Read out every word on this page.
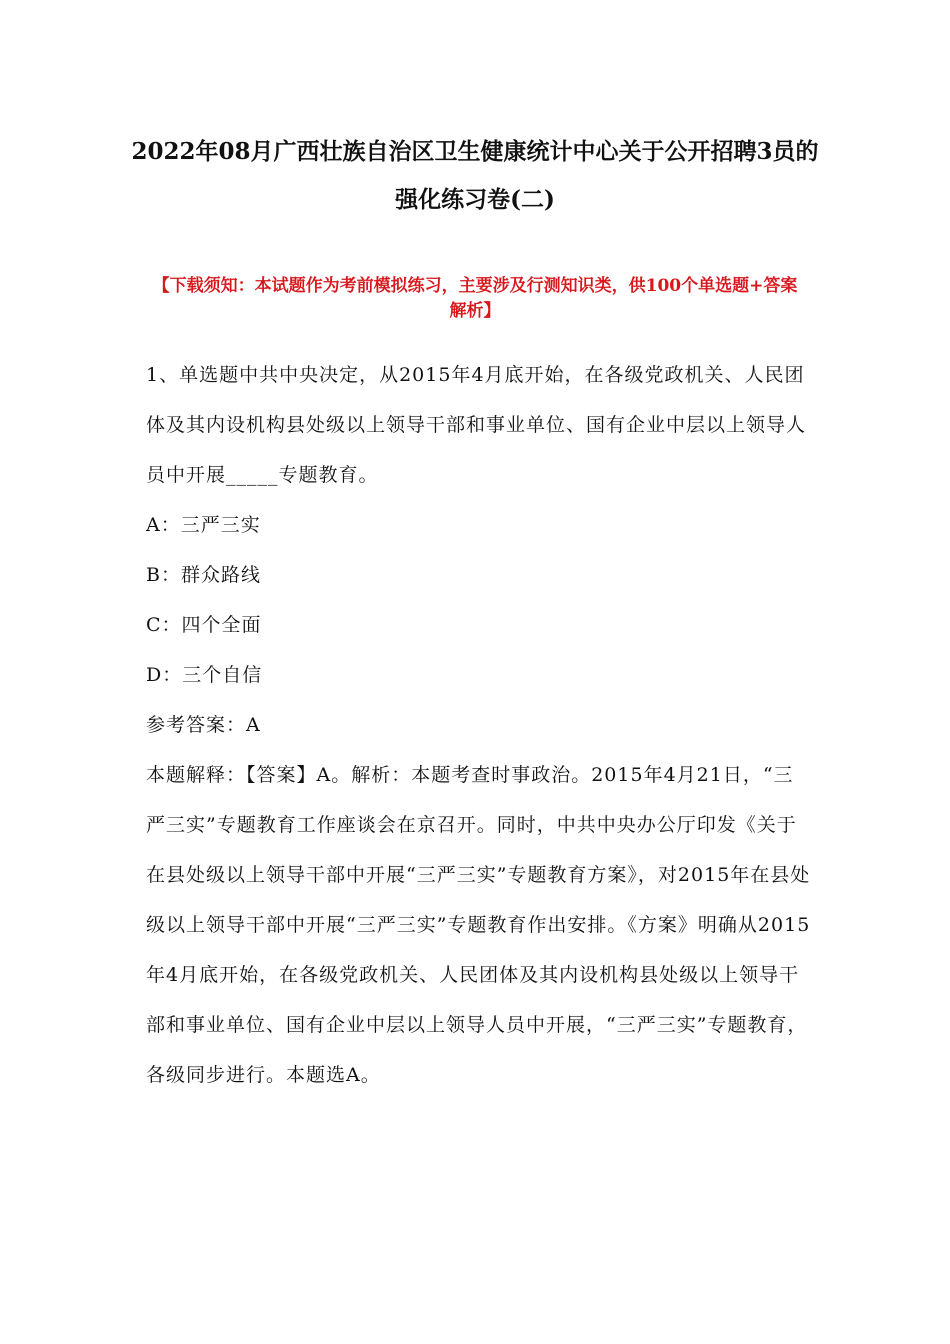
2022年08月广西壮族自治区卫生健康统计中心关于公开招聘3员的强化练习卷(二)

【下载须知：本试题作为考前模拟练习，主要涉及行测知识类，供100个单选题+答案解析】

1、单选题中共中央决定，从2015年4月底开始，在各级党政机关、人民团体及其内设机构县处级以上领导干部和事业单位、国有企业中层以上领导人员中开展_____专题教育。

A：三严三实
B：群众路线
C：四个全面
D：三个自信

参考答案：A

本题解释：【答案】A。解析：本题考查时事政治。2015年4月21日，“三严三实”专题教育工作座谈会在京召开。同时，中共中央办公厅印发《关于在县处级以上领导干部中开展“三严三实”专题教育方案》，对2015年在县处级以上领导干部中开展“三严三实”专题教育作出安排。《方案》明确从2015年4月底开始，在各级党政机关、人民团体及其内设机构县处级以上领导干部和事业单位、国有企业中层以上领导人员中开展，“三严三实”专题教育，各级同步进行。本题选A。
